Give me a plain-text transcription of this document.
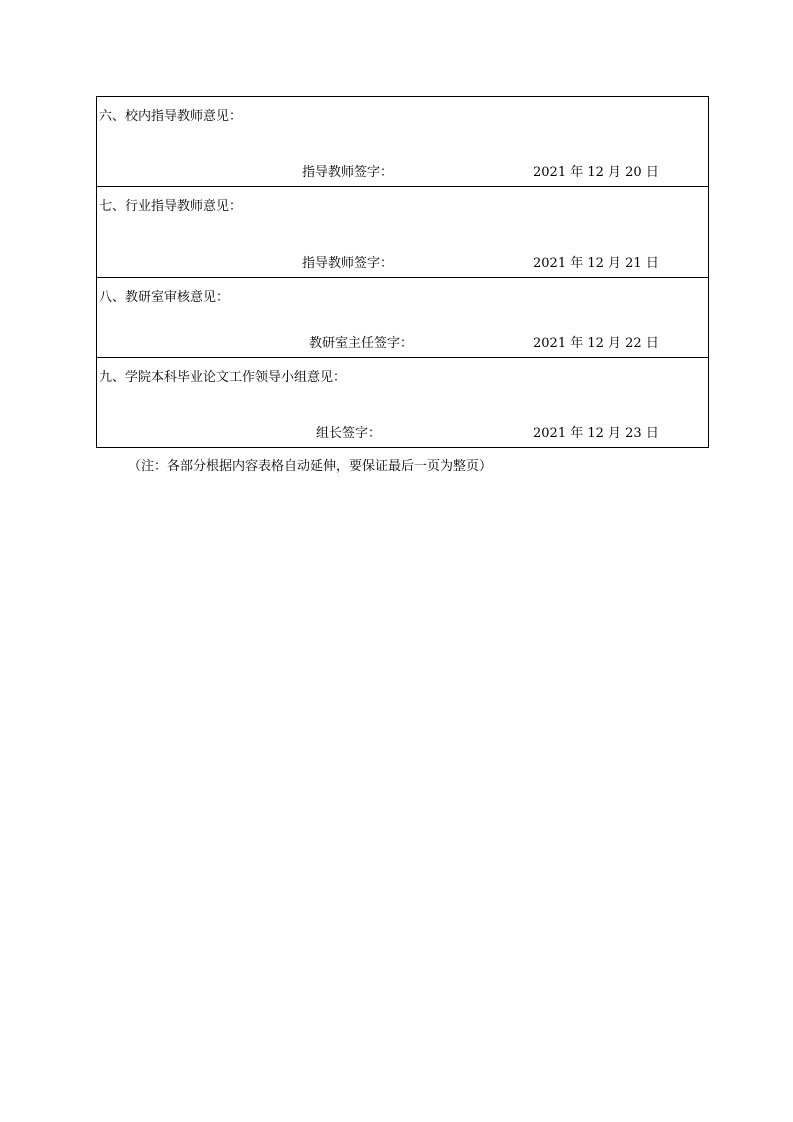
六、校内指导教师意见：
指导教师签字：	2021 年 12 月 20 日
七、行业指导教师意见：
指导教师签字：	2021 年 12 月 21 日
八、教研室审核意见：
教研室主任签字：	2021 年 12 月 22 日
九、学院本科毕业论文工作领导小组意见：
组长签字：	2021 年 12 月 23 日
（注：各部分根据内容表格自动延伸，要保证最后一页为整页）
